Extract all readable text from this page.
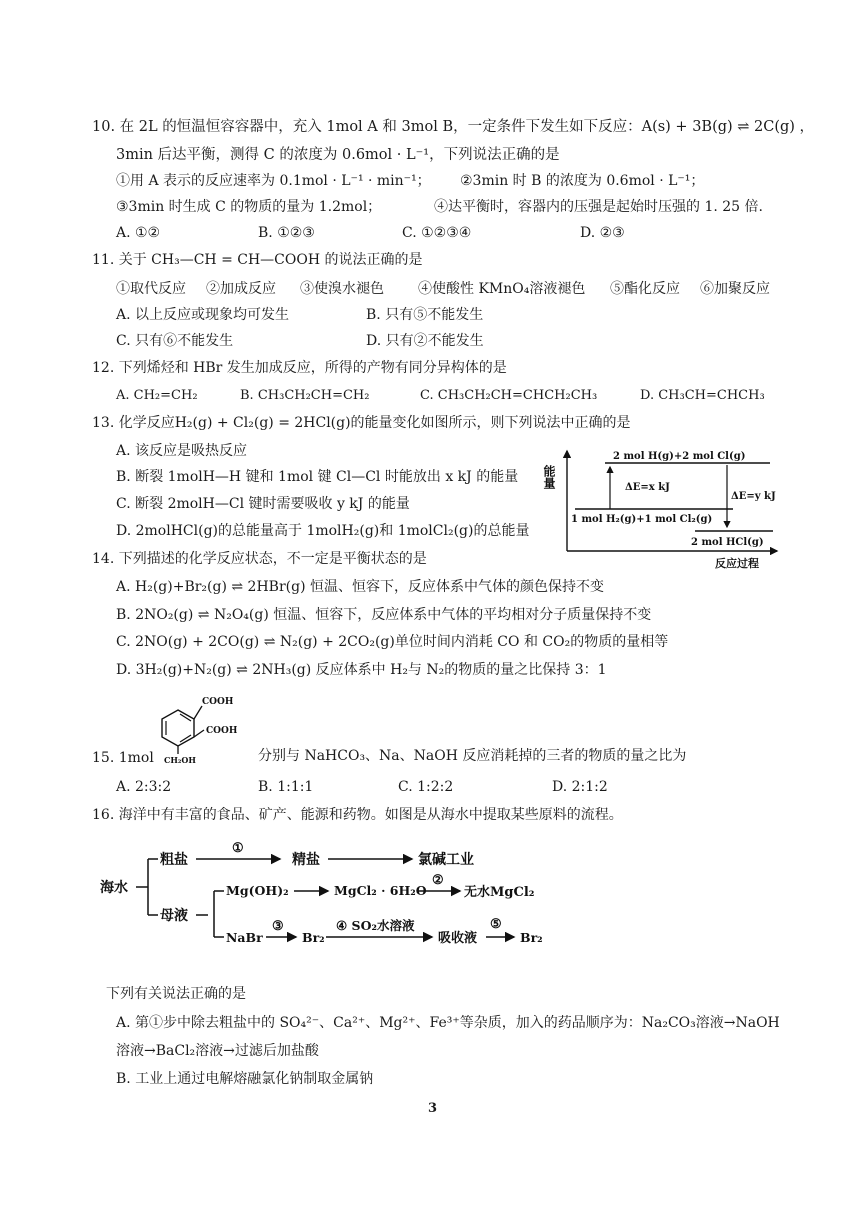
10. 在 2L 的恒温恒容容器中，充入 1mol A 和 3mol B，一定条件下发生如下反应：A(s) + 3B(g) ⇌ 2C(g) ，
3min 后达平衡，测得 C 的浓度为 0.6mol · L⁻¹，下列说法正确的是
①用 A 表示的反应速率为 0.1mol · L⁻¹ · min⁻¹； ②3min 时 B 的浓度为 0.6mol · L⁻¹；
③3min 时生成 C 的物质的量为 1.2mol；	④达平衡时，容器内的压强是起始时压强的 1. 25 倍.
A. ①②	B. ①②③	C. ①②③④	D. ②③
11. 关于 CH₃—CH = CH—COOH 的说法正确的是
①取代反应 ②加成反应 ③使溴水褪色 ④使酸性 KMnO₄溶液褪色 ⑤酯化反应 ⑥加聚反应
A. 以上反应或现象均可发生	B. 只有⑤不能发生
C. 只有⑥不能发生	D. 只有②不能发生
12. 下列烯烃和 HBr 发生加成反应，所得的产物有同分异构体的是
A. CH₂=CH₂	B. CH₃CH₂CH=CH₂	C. CH₃CH₂CH=CHCH₂CH₃	D. CH₃CH=CHCH₃
13. 化学反应H₂(g) + Cl₂(g) = 2HCl(g)的能量变化如图所示，则下列说法中正确的是
A. 该反应是吸热反应
B. 断裂 1molH—H 键和 1mol 键 Cl—Cl 时能放出 x kJ 的能量
C. 断裂 2molH—Cl 键时需要吸收 y kJ 的能量
D. 2molHCl(g)的总能量高于 1molH₂(g)和 1molCl₂(g)的总能量
能量
反应过程
2 mol H(g)+2 mol Cl(g)
1 mol H₂(g)+1 mol Cl₂(g)
2 mol HCl(g)
ΔE=x kJ
ΔE=y kJ
14. 下列描述的化学反应状态，不一定是平衡状态的是
A. H₂(g)+Br₂(g) ⇌ 2HBr(g) 恒温、恒容下，反应体系中气体的颜色保持不变
B. 2NO₂(g) ⇌ N₂O₄(g) 恒温、恒容下，反应体系中气体的平均相对分子质量保持不变
C. 2NO(g) + 2CO(g) ⇌ N₂(g) + 2CO₂(g)单位时间内消耗 CO 和 CO₂的物质的量相等
D. 3H₂(g)+N₂(g) ⇌ 2NH₃(g) 反应体系中 H₂与 N₂的物质的量之比保持 3：1
COOH
COOH
CH₂OH
15. 1mol	分别与 NaHCO₃、Na、NaOH 反应消耗掉的三者的物质的量之比为
A. 2:3:2	B. 1:1:1	C. 1:2:2	D. 2:1:2
16. 海洋中有丰富的食品、矿产、能源和药物。如图是从海水中提取某些原料的流程。
海水
粗盐
①
精盐	氯碱工业
母液
Mg(OH)₂	MgCl₂ · 6H₂O
②
无水MgCl₂
NaBr
③
Br₂
④ SO₂水溶液
吸收液
⑤
Br₂
下列有关说法正确的是
A. 第①步中除去粗盐中的 SO₄²⁻、Ca²⁺、Mg²⁺、Fe³⁺等杂质，加入的药品顺序为：Na₂CO₃溶液→NaOH
溶液→BaCl₂溶液→过滤后加盐酸
B. 工业上通过电解熔融氯化钠制取金属钠
3
